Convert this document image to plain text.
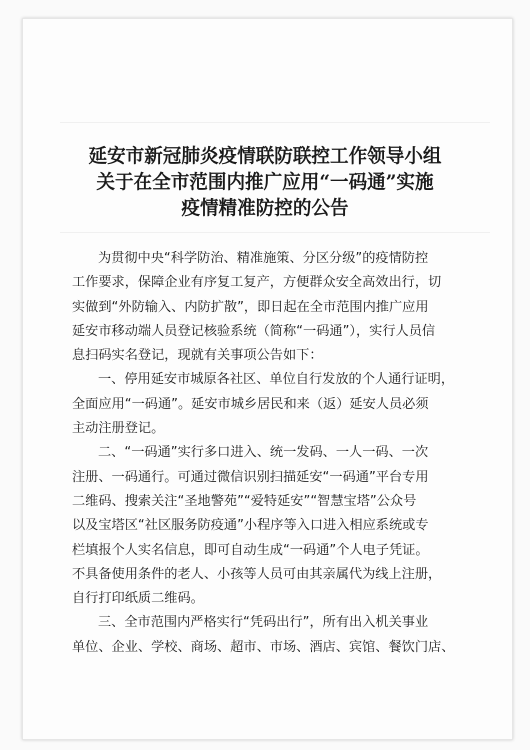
延安市新冠肺炎疫情联防联控工作领导小组
关于在全市范围内推广应用“一码通”实施
疫情精准防控的公告
为贯彻中央“科学防治、精准施策、分区分级”的疫情防控
工作要求，保障企业有序复工复产，方便群众安全高效出行，切
实做到“外防输入、内防扩散”，即日起在全市范围内推广应用
延安市移动端人员登记核验系统（简称“一码通”），实行人员信
息扫码实名登记，现就有关事项公告如下：
一、停用延安市城原各社区、单位自行发放的个人通行证明，
全面应用“一码通”。延安市城乡居民和来（返）延安人员必须
主动注册登记。
二、“一码通”实行多口进入、统一发码、一人一码、一次
注册、一码通行。可通过微信识别扫描延安“一码通”平台专用
二维码、搜索关注“圣地警苑”“爱特延安”“智慧宝塔”公众号
以及宝塔区“社区服务防疫通”小程序等入口进入相应系统或专
栏填报个人实名信息，即可自动生成“一码通”个人电子凭证。
不具备使用条件的老人、小孩等人员可由其亲属代为线上注册，
自行打印纸质二维码。
三、全市范围内严格实行“凭码出行”，所有出入机关事业
单位、企业、学校、商场、超市、市场、酒店、宾馆、餐饮门店、
